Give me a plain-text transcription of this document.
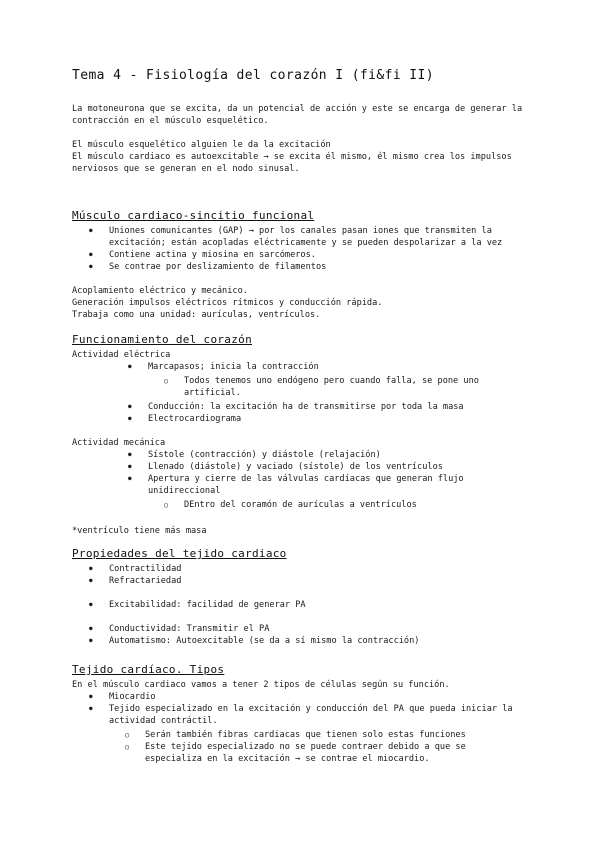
Tema 4 - Fisiología del corazón I (fi&fi II)

La motoneurona que se excita, da un potencial de acción y este se encarga de generar la contracción en el músculo esquelético.

El músculo esquelético alguien le da la excitación

El músculo cardiaco es autoexcitable → se excita él mismo, él mismo crea los impulsos nerviosos que se generan en el nodo sinusal.

Músculo cardiaco-sincitio funcional
● Uniones comunicantes (GAP) → por los canales pasan iones que transmiten la excitación; están acopladas eléctricamente y se pueden despolarizar a la vez
● Contiene actina y miosina en sarcómeros.
● Se contrae por deslizamiento de filamentos

Acoplamiento eléctrico y mecánico.

Generación impulsos eléctricos rítmicos y conducción rápida.

Trabaja como una unidad: aurículas, ventrículos.

Funcionamiento del corazón

Actividad eléctrica

● Marcapasos; inicia la contracción
○ Todos tenemos uno endógeno pero cuando falla, se pone uno artificial.
● Conducción: la excitación ha de transmitirse por toda la masa
● Electrocardiograma

Actividad mecánica

● Sístole (contracción) y diástole (relajación)
● Llenado (diástole) y vaciado (sístole) de los ventrículos
● Apertura y cierre de las válvulas cardíacas que generan flujo unidireccional
○ DEntro del coramón de aurículas a ventrículos

*ventrículo tiene más masa

Propiedades del tejido cardiaco
● Contractilidad
● Refractariedad
● Excitabilidad: facilidad de generar PA
● Conductividad: Transmitir el PA
● Automatismo: Autoexcitable (se da a sí mismo la contracción)
Tejido cardíaco. Tipos

En el músculo cardiaco vamos a tener 2 tipos de células según su función.

● Miocardio
● Tejido especializado en la excitación y conducción del PA que pueda iniciar la actividad contráctil.
○ Serán también fibras cardiacas que tienen solo estas funciones
○ Este tejido especializado no se puede contraer debido a que se especializa en la excitación → se contrae el miocardio.
